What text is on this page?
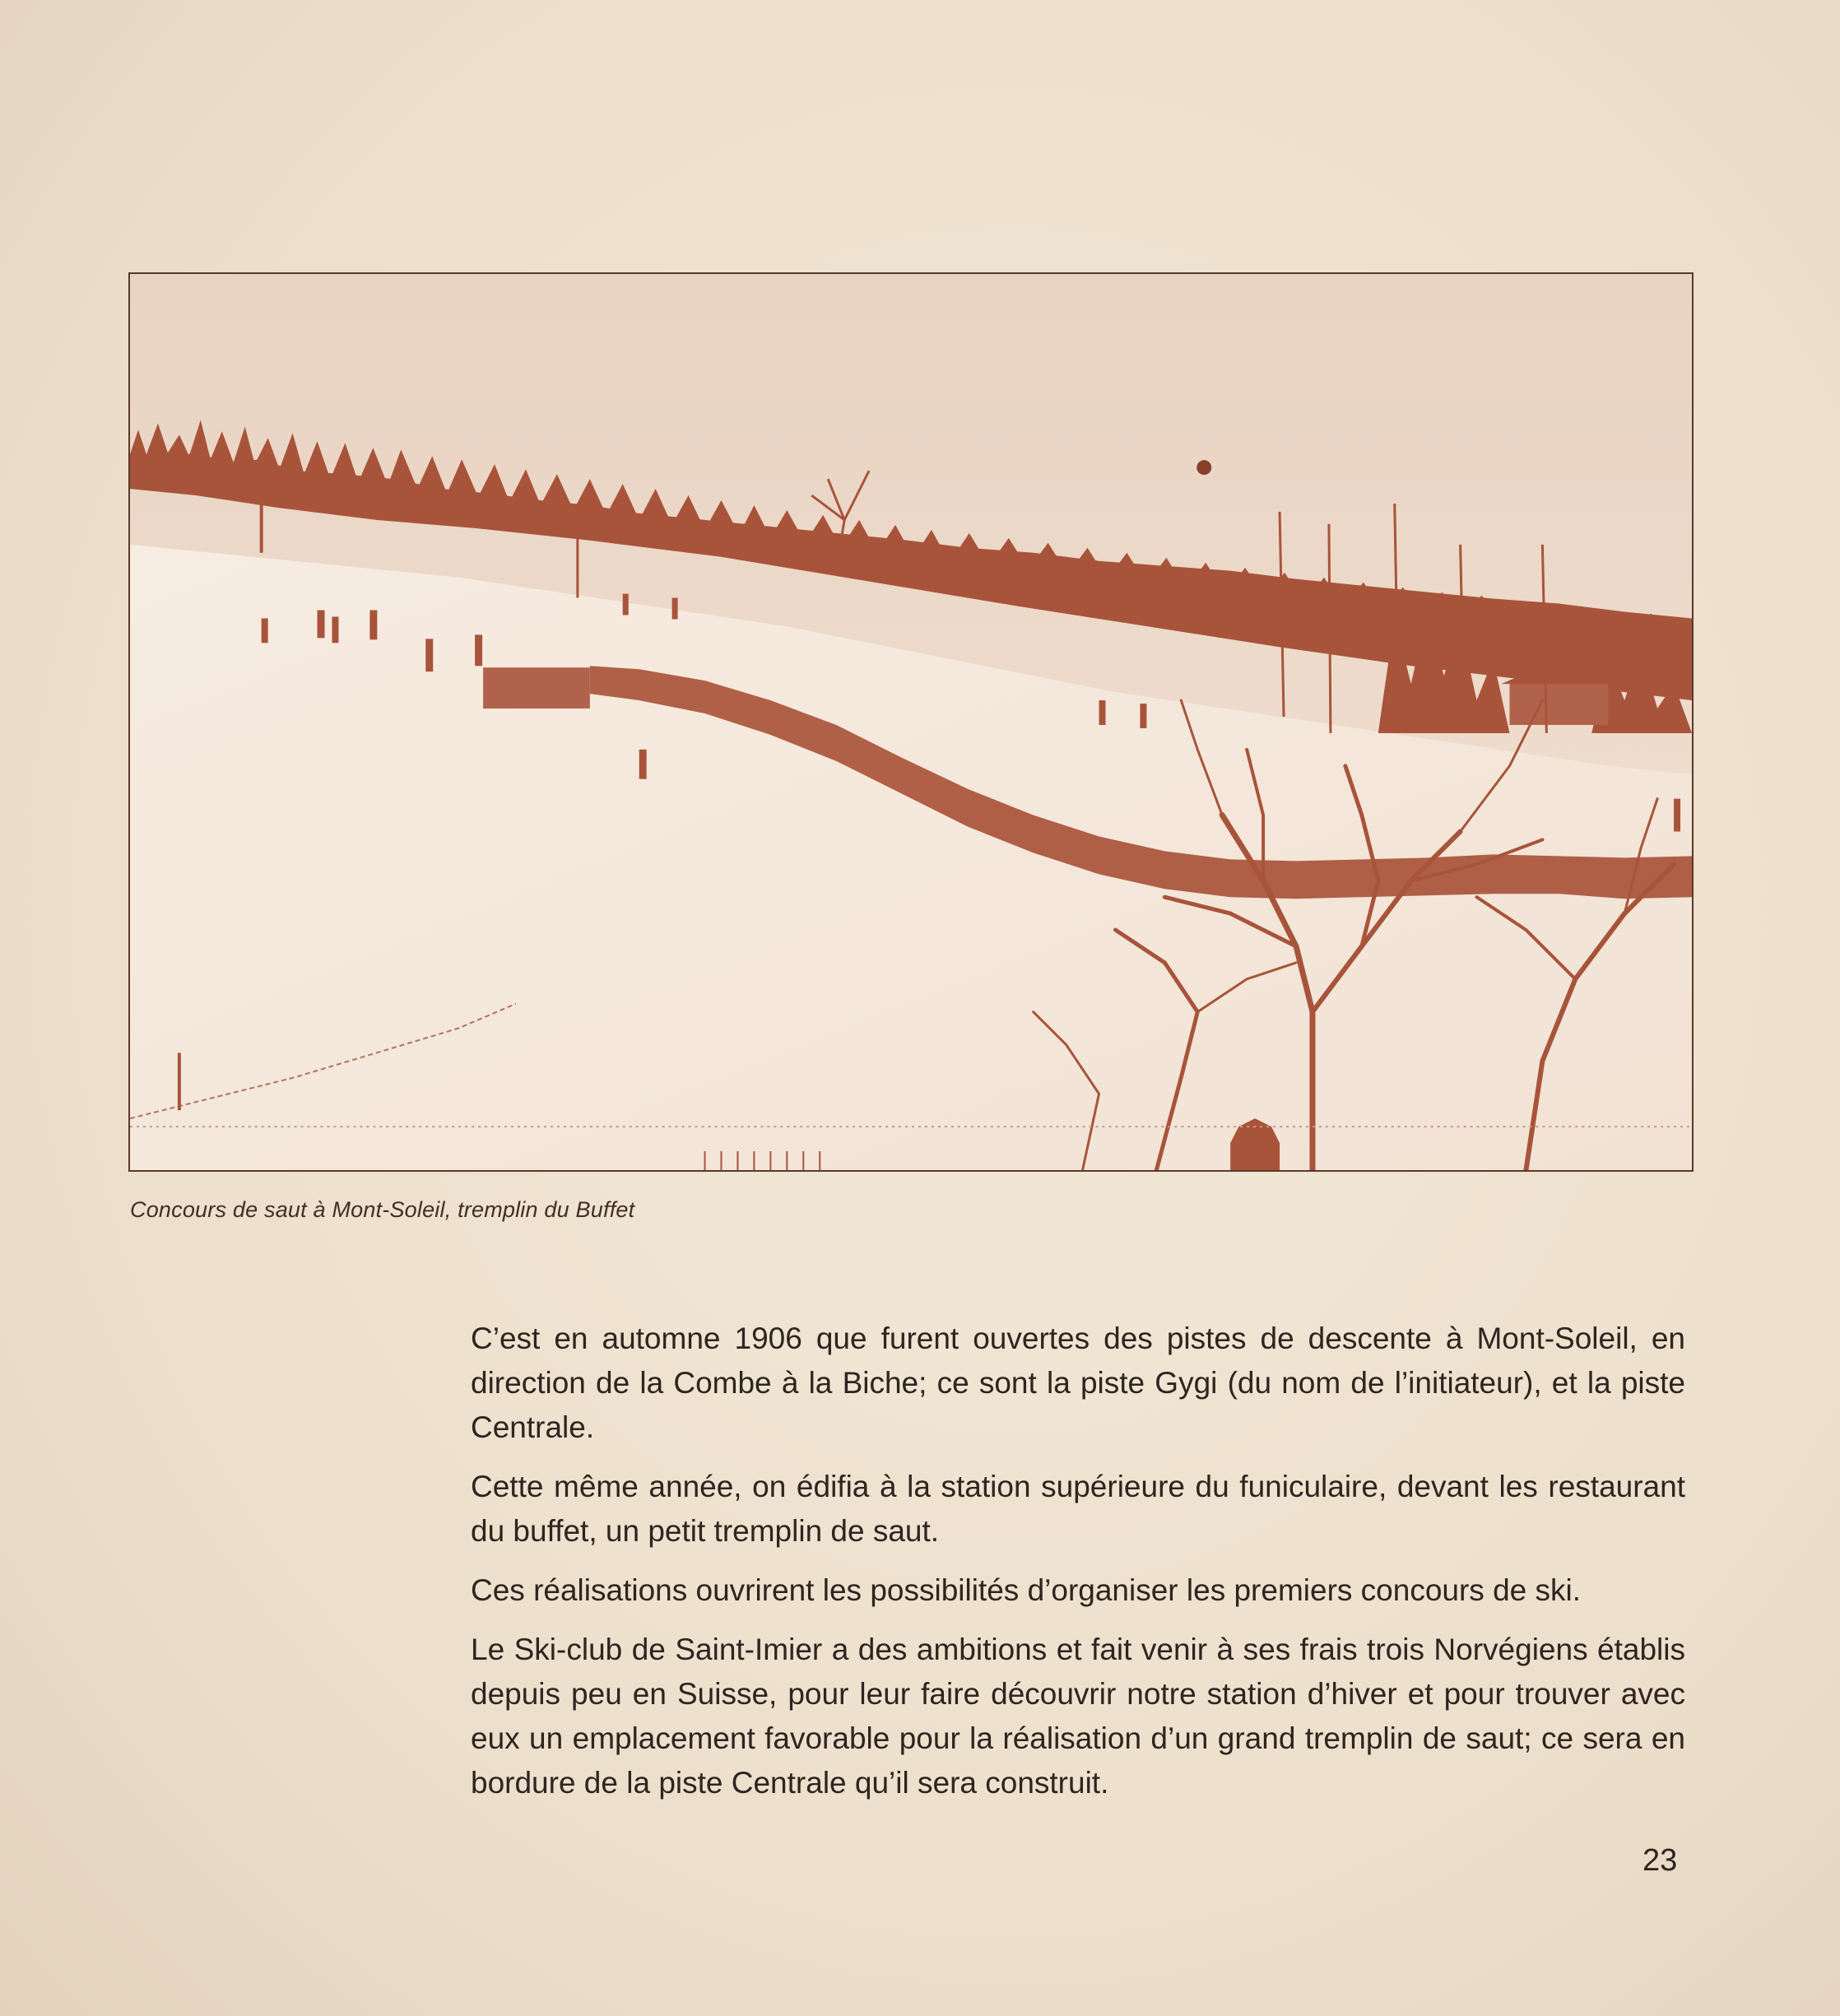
Concours de saut à Mont-Soleil, tremplin du Buffet

C’est en automne 1906 que furent ouvertes des pistes de descente à Mont-Soleil, en direction de la Combe à la Biche; ce sont la piste Gygi (du nom de l’initiateur), et la piste Centrale.

Cette même année, on édifia à la station supérieure du funiculaire, devant les restaurant du buffet, un petit tremplin de saut.

Ces réalisations ouvrirent les possibilités d’organiser les premiers concours de ski.

Le Ski-club de Saint-Imier a des ambitions et fait venir à ses frais trois Norvégiens établis depuis peu en Suisse, pour leur faire découvrir notre station d’hiver et pour trouver avec eux un emplacement favorable pour la réalisation d’un grand tremplin de saut; ce sera en bordure de la piste Centrale qu’il sera construit.

23
